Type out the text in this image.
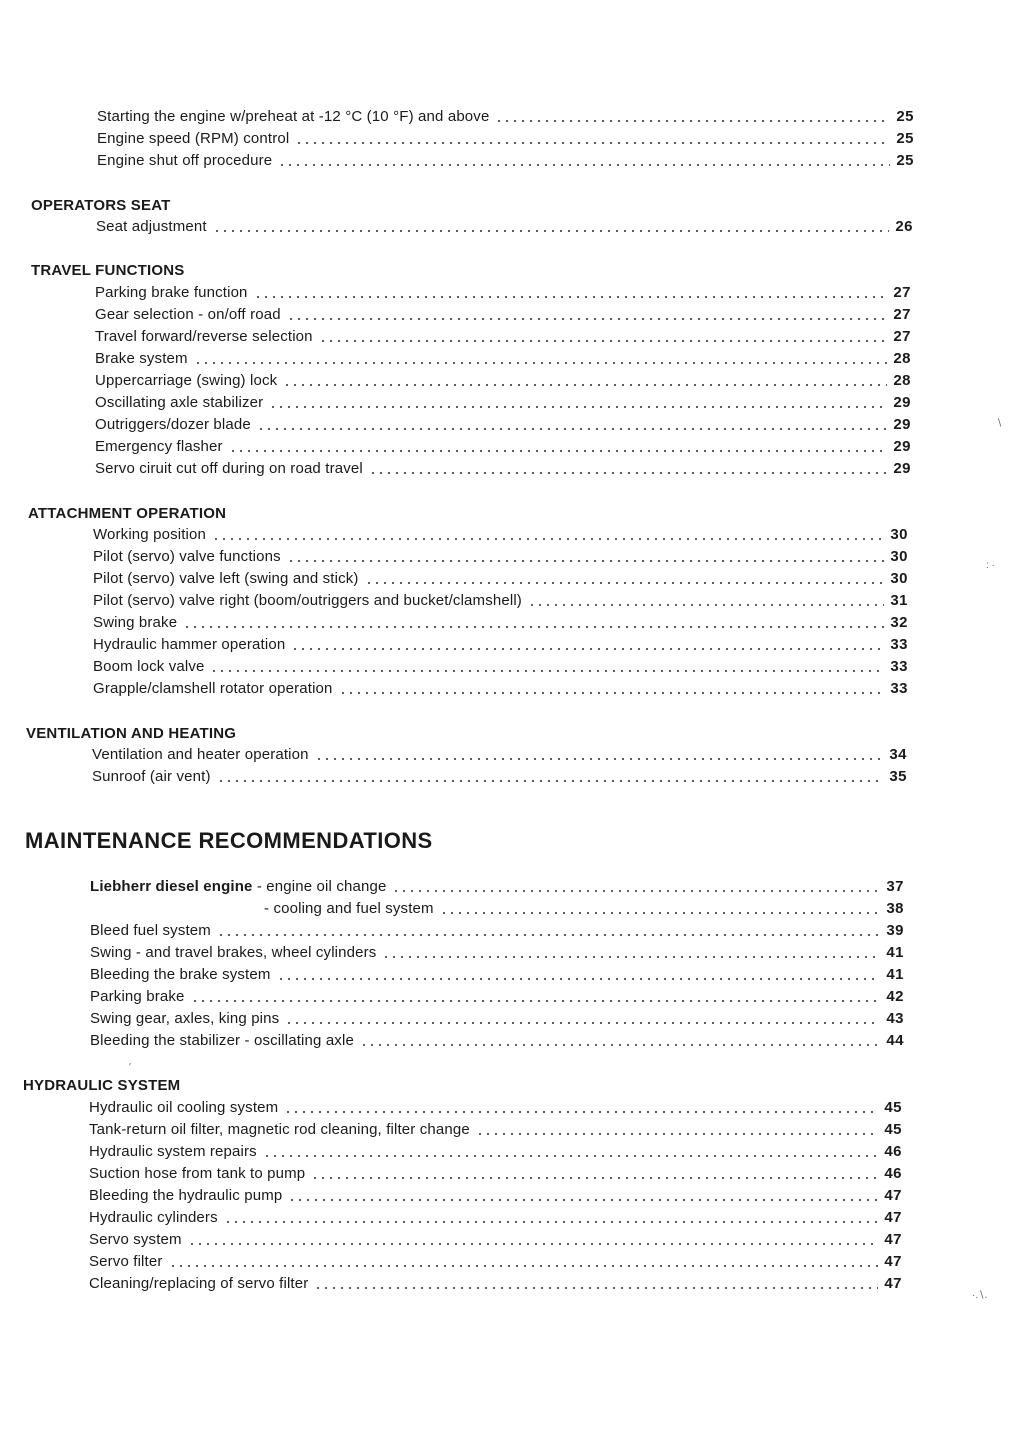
Starting the engine w/preheat at -12 °C (10 °F) and above	25
Engine speed (RPM) control	25
Engine shut off procedure	25
OPERATORS SEAT
Seat adjustment	26
TRAVEL FUNCTIONS
Parking brake function	27
Gear selection - on/off road	27
Travel forward/reverse selection	27
Brake system	28
Uppercarriage (swing) lock	28
Oscillating axle stabilizer	29
Outriggers/dozer blade	29
Emergency flasher	29
Servo ciruit cut off during on road travel	29
ATTACHMENT OPERATION
Working position	30
Pilot (servo) valve functions	30
Pilot (servo) valve left (swing and stick)	30
Pilot (servo) valve right (boom/outriggers and bucket/clamshell)	31
Swing brake	32
Hydraulic hammer operation	33
Boom lock valve	33
Grapple/clamshell rotator operation	33
VENTILATION AND HEATING
Ventilation and heater operation	34
Sunroof (air vent)	35
MAINTENANCE RECOMMENDATIONS
Liebherr diesel engine - engine oil change	37
- cooling and fuel system	38
Bleed fuel system	39
Swing - and travel brakes, wheel cylinders	41
Bleeding the brake system	41
Parking brake	42
Swing gear, axles, king pins	43
Bleeding the stabilizer - oscillating axle	44
′
HYDRAULIC SYSTEM
Hydraulic oil cooling system	45
Tank-return oil filter, magnetic rod cleaning, filter change	45
Hydraulic system repairs	46
Suction hose from tank to pump	46
Bleeding the hydraulic pump	47
Hydraulic cylinders	47
Servo system	47
Servo filter	47
Cleaning/replacing of servo filter	47
∖
: ·
·.∖.
